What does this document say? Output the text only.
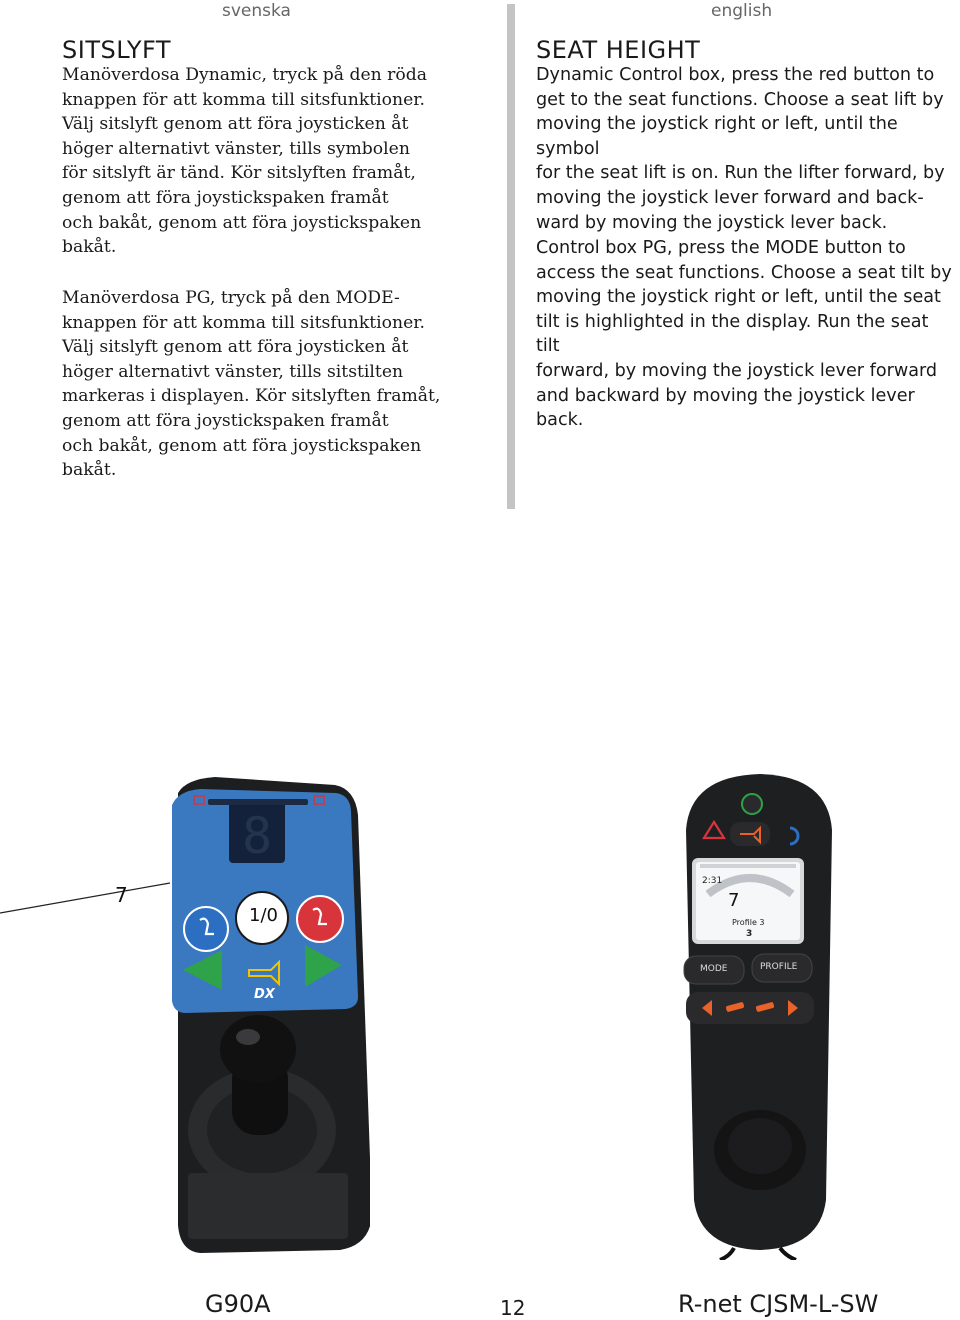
svenska
SITSLYFT

Manöverdosa Dynamic, tryck på den röda
knappen för att komma till sitsfunktioner.
Välj sitslyft genom att föra joysticken åt
höger alternativt vänster, tills symbolen
för sitslyft är tänd. Kör sitslyften framåt,
genom att föra joystickspaken framåt
och bakåt, genom att föra joystickspaken
bakåt.

Manöverdosa PG, tryck på den MODE-
knappen för att komma till sitsfunktioner.
Välj sitslyft genom att föra joysticken åt
höger alternativt vänster, tills sitstilten
markeras i displayen. Kör sitslyften framåt,
genom att föra joystickspaken framåt
och bakåt, genom att föra joystickspaken
bakåt.

english
SEAT HEIGHT

Dynamic Control box, press the red button to
get to the seat functions. Choose a seat lift by
moving the joystick right or left, until the symbol
for the seat lift is on. Run the lifter forward, by
moving the joystick lever forward and back-
ward by moving the joystick lever back.

Control box PG, press the MODE button to
access the seat functions. Choose a seat tilt by
moving the joystick right or left, until the seat
tilt is highlighted in the display. Run the seat tilt
forward, by moving the joystick lever forward
and backward by moving the joystick lever
back.

8
7
1/0
DX
2:31
7
Profile 3
3
MODE	PROFILE
G90A	12	R-net CJSM-L-SW
